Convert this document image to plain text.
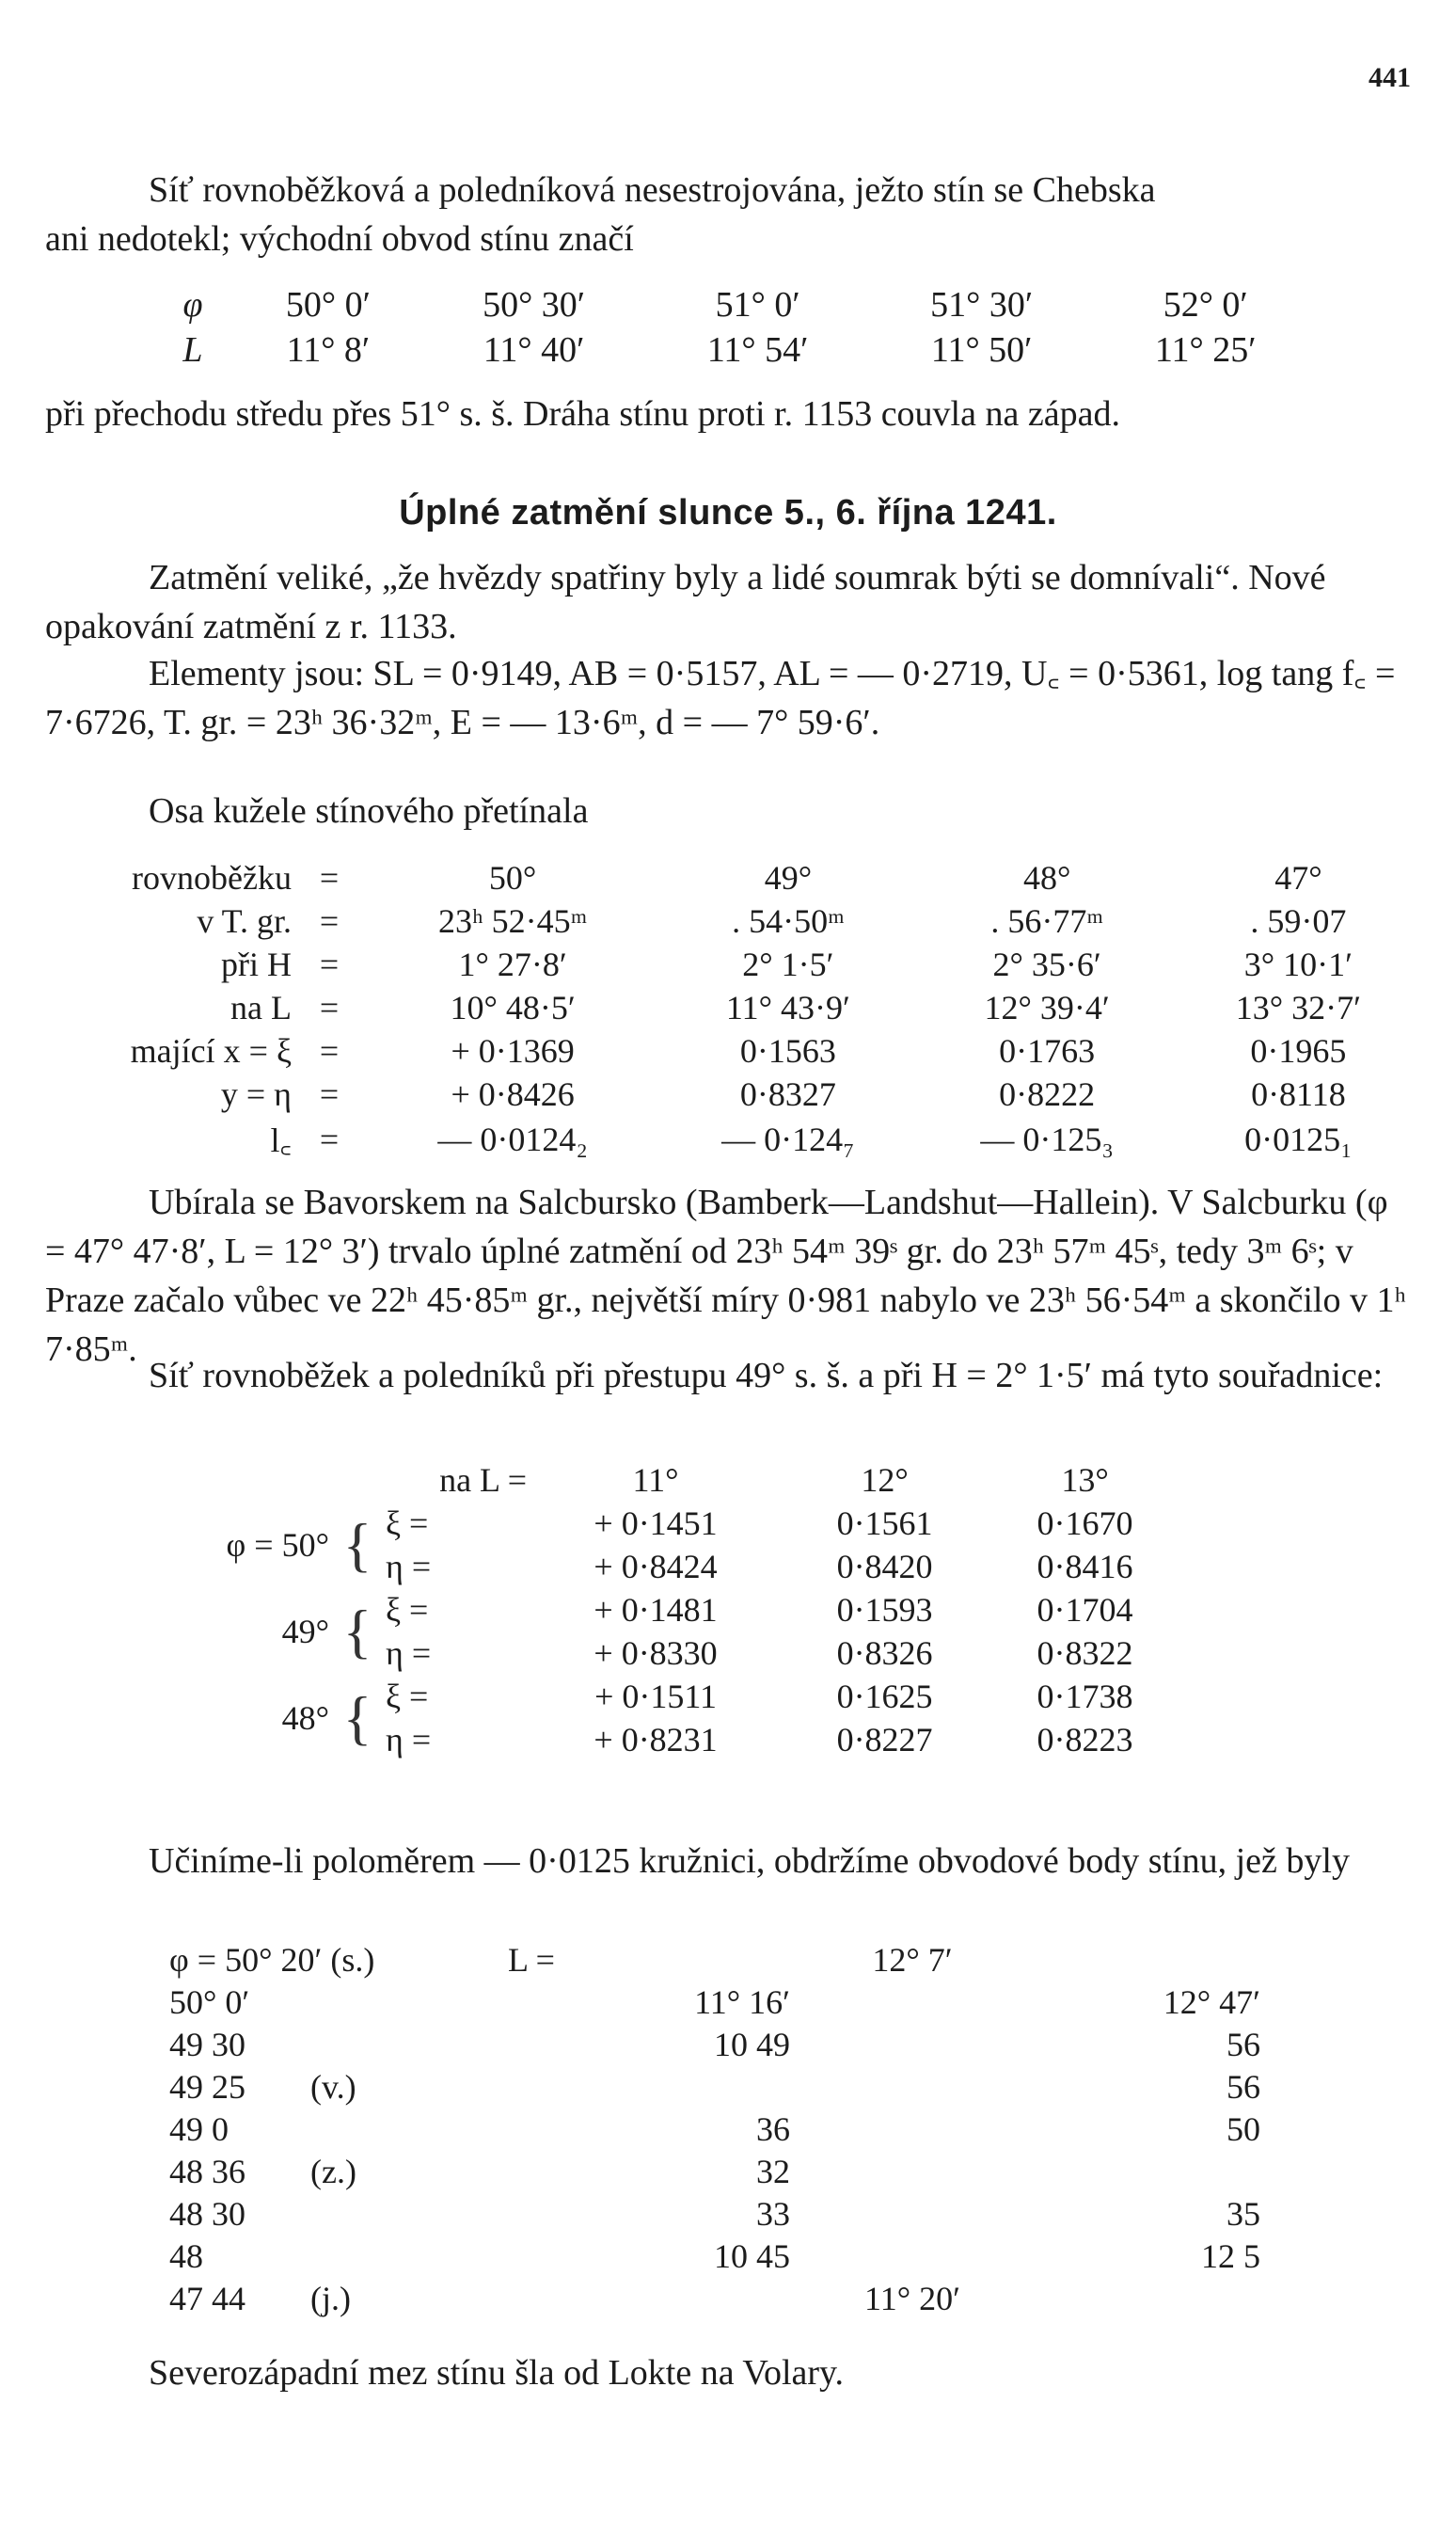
441

Síť rovnoběžková a poledníková nesestrojována, ježto stín se Chebska

ani nedotekl; východní obvod stínu značí

φ	50° 0′	50° 30′	51° 0′	51° 30′	52° 0′
L	11° 8′	11° 40′	11° 54′	11° 50′	11° 25′
při přechodu středu přes 51° s. š. Dráha stínu proti r. 1153 couvla na západ.
Úplné zatmění slunce 5., 6. října 1241.
Zatmění veliké, „že hvězdy spatřiny byly a lidé soumrak býti se domnívali“. Nové opakování zatmění z r. 1133.
Elementy jsou: SL = 0·9149, AB = 0·5157, AL = — 0·2719, U꜀ = 0·5361, log tang f꜀ = 7·6726, T. gr. = 23ʰ 36·32ᵐ, E = — 13·6ᵐ, d = — 7° 59·6′.
Osa kužele stínového přetínala
rovnoběžku	=	50°	49°	48°	47°
v T. gr.	=	23ʰ 52·45ᵐ	. 54·50ᵐ	. 56·77ᵐ	. 59·07
při H	=	1° 27·8′	2° 1·5′	2° 35·6′	3° 10·1′
na L	=	10° 48·5′	11° 43·9′	12° 39·4′	13° 32·7′
mající x = ξ	=	+ 0·1369	0·1563	0·1763	0·1965
y = η	=	+ 0·8426	0·8327	0·8222	0·8118
l꜀	=	— 0·0124₂	— 0·124₇	— 0·125₃	0·0125₁
Ubírala se Bavorskem na Salcbursko (Bamberk—Landshut—Hallein). V Salcburku (φ = 47° 47·8′, L = 12° 3′) trvalo úplné zatmění od 23ʰ 54ᵐ 39ˢ gr. do 23ʰ 57ᵐ 45ˢ, tedy 3ᵐ 6ˢ; v Praze začalo vůbec ve 22ʰ 45·85ᵐ gr., největší míry 0·981 nabylo ve 23ʰ 56·54ᵐ a skončilo v 1ʰ 7·85ᵐ.
Síť rovnoběžek a poledníků při přestupu 49° s. š. a při H = 2° 1·5′ má tyto souřadnice:
		na L =	11°	12°	13°
φ = 50°	{	ξ =	+ 0·1451	0·1561	0·1670
		η =	+ 0·8424	0·8420	0·8416
49°	{	ξ =	+ 0·1481	0·1593	0·1704
		η =	+ 0·8330	0·8326	0·8322
48°	{	ξ =	+ 0·1511	0·1625	0·1738
		η =	+ 0·8231	0·8227	0·8223
Učiníme-li poloměrem — 0·0125 kružnici, obdržíme obvodové body stínu, jež byly
φ = 50° 20′ (s.)		L =		12° 7′	
50° 0′			11° 16′		12° 47′
49 30			10 49		56
49 25	(v.)				56
49 0			36		50
48 36	(z.)		32		
48 30			33		35
48			10 45		12 5
47 44	(j.)			11° 20′	
Severozápadní mez stínu šla od Lokte na Volary.
